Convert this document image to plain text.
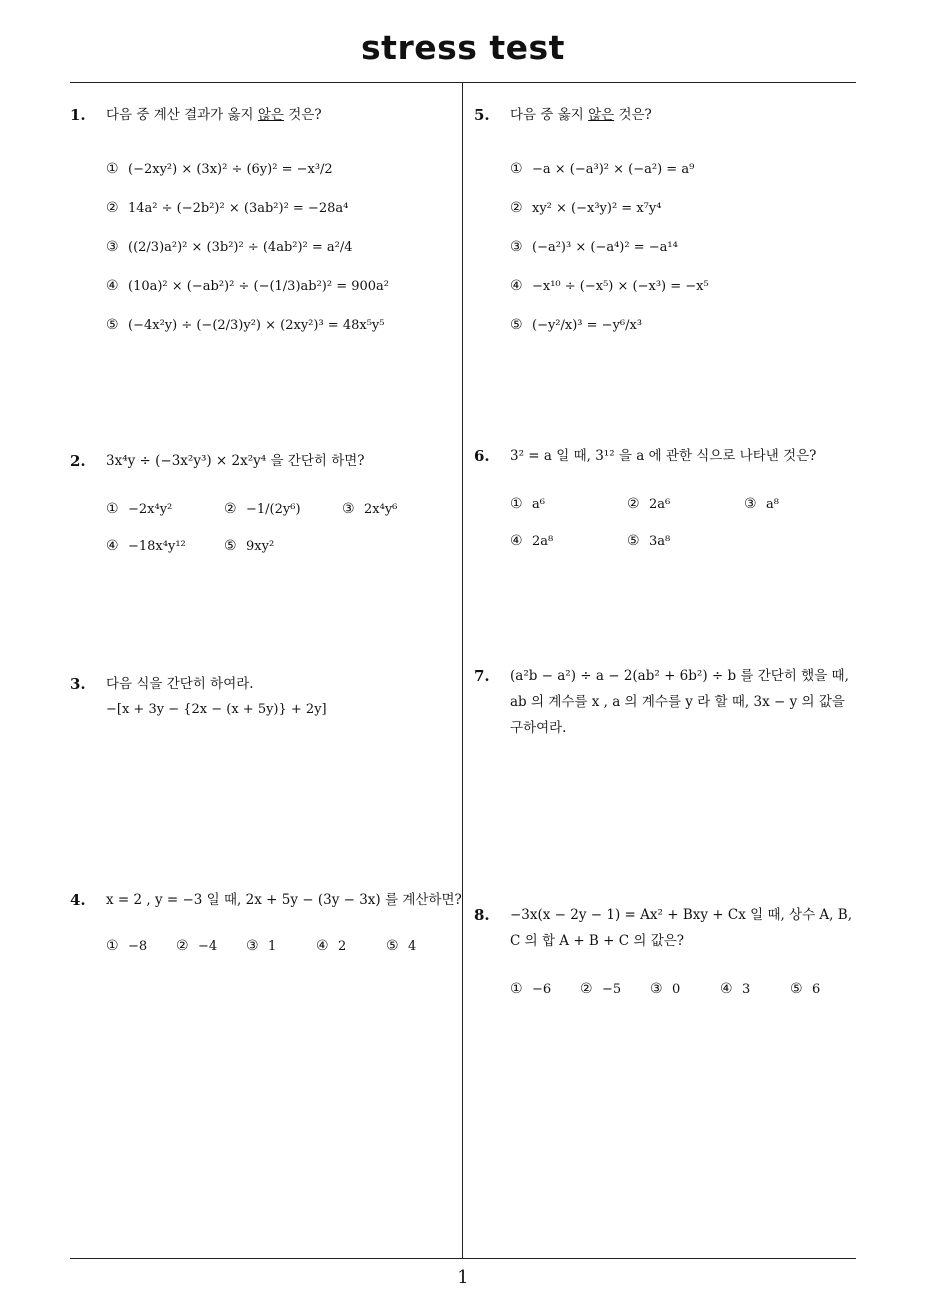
stress test
1
1. 다음 중 계산 결과가 옳지 않은 것은?
① (−2xy²) × (3x)² ÷ (6y)² = −x³/2
② 14a² ÷ (−2b²)² × (3ab²)² = −28a⁴
③ ((2/3)a²)² × (3b²)² ÷ (4ab²)² = a²/4
④ (10a)² × (−ab²)² ÷ (−(1/3)ab²)² = 900a²
⑤ (−4x²y) ÷ (−(2/3)y²) × (2xy²)³ = 48x⁵y⁵
2. 3x⁴y ÷ (−3x²y³) × 2x²y⁴ 을 간단히 하면?
① −2x⁴y²	② −1/(2y⁶)	③ 2x⁴y⁶
④ −18x⁴y¹²	⑤ 9xy²
3. 다음 식을 간단히 하여라.
−[x + 3y − {2x − (x + 5y)} + 2y]
4. x = 2 , y = −3 일 때, 2x + 5y − (3y − 3x) 를 계산하면?
① −8	② −4	③ 1	④ 2	⑤ 4
5. 다음 중 옳지 않은 것은?
① −a × (−a³)² × (−a²) = a⁹
② xy² × (−x³y)² = x⁷y⁴
③ (−a²)³ × (−a⁴)² = −a¹⁴
④ −x¹⁰ ÷ (−x⁵) × (−x³) = −x⁵
⑤ (−y²/x)³ = −y⁶/x³
6. 3² = a 일 때, 3¹² 을 a 에 관한 식으로 나타낸 것은?
① a⁶	② 2a⁶	③ a⁸
④ 2a⁸	⑤ 3a⁸
7. (a²b − a²) ÷ a − 2(ab² + 6b²) ÷ b 를 간단히 했을 때, ab 의 계수를 x , a 의 계수를 y 라 할 때, 3x − y 의 값을 구하여라.
8. −3x(x − 2y − 1) = Ax² + Bxy + Cx 일 때, 상수 A, B, C 의 합 A + B + C 의 값은?
① −6	② −5	③ 0	④ 3	⑤ 6
